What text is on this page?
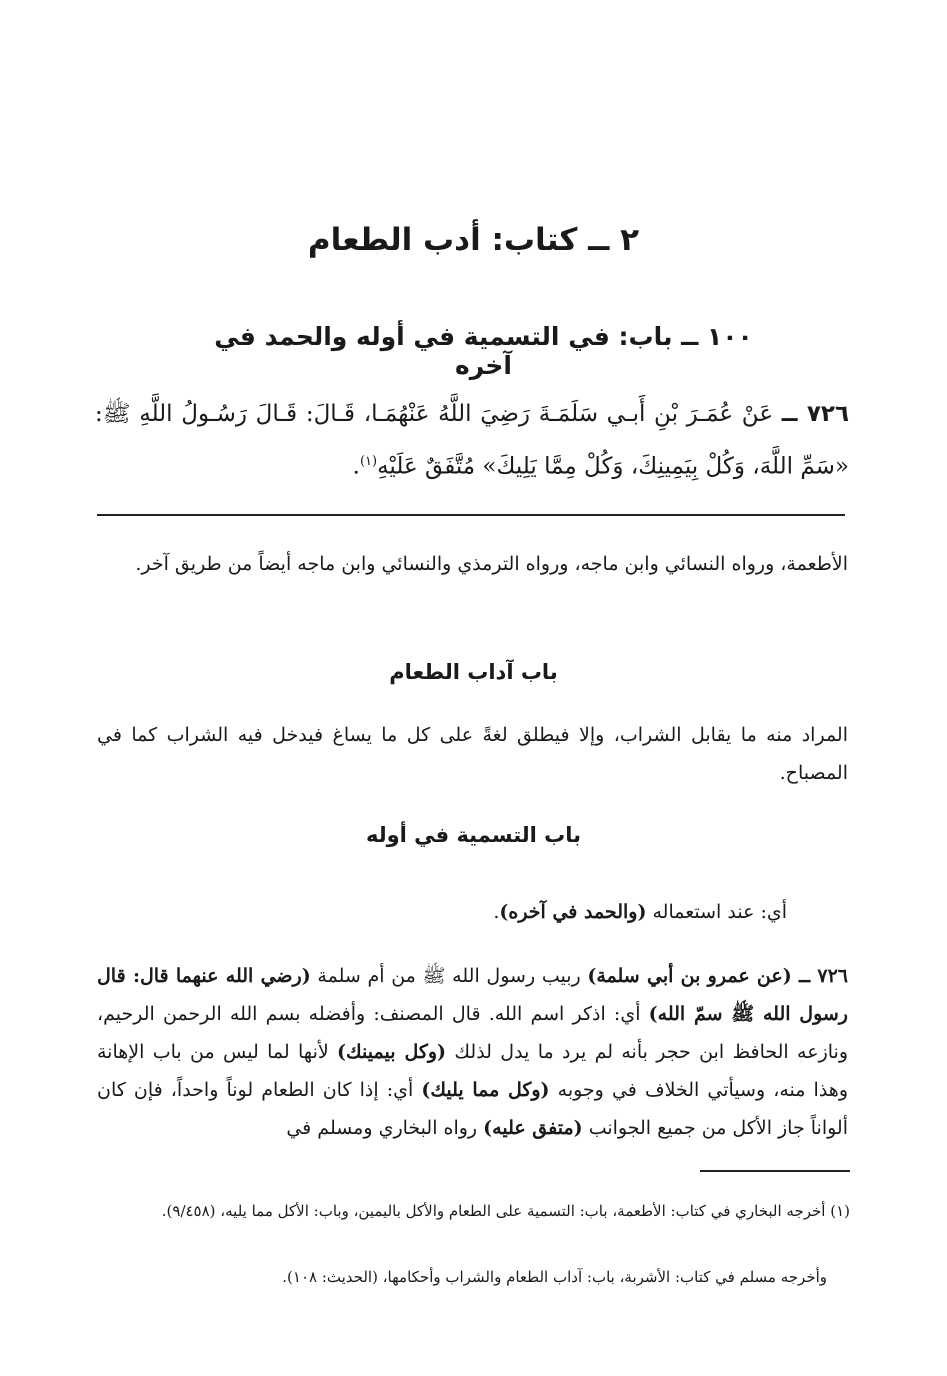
٢ ــ كتاب: أدب الطعام
١٠٠ ــ باب: في التسمية في أوله والحمد في آخره
٧٢٦ ــ عَنْ عُمَـرَ بْنِ أَبـي سَلَمَـةَ رَضِيَ اللَّهُ عَنْهُمَـا، قَـالَ: قَـالَ رَسُـولُ اللَّهِ ﷺ: «سَمِّ اللَّهَ، وَكُلْ بِيَمِينِكَ، وَكُلْ مِمَّا يَلِيكَ» مُتَّفَقٌ عَلَيْهِ$^{(١)}$.
الأطعمة، ورواه النسائي وابن ماجه، ورواه الترمذي والنسائي وابن ماجه أيضاً من طريق آخر.
باب آداب الطعام
المراد منه ما يقابل الشراب، وإلا فيطلق لغةً على كل ما يساغ فيدخل فيه الشراب كما في المصباح.
باب التسمية في أوله
أي: عند استعماله (والحمد في آخره).
٧٢٦ ــ (عن عمرو بن أبي سلمة) ربيب رسول الله ﷺ من أم سلمة (رضي الله عنهما قال: قال رسول الله ﷺ سمّ الله) أي: اذكر اسم الله. قال المصنف: وأفضله بسم الله الرحمن الرحيم، ونازعه الحافظ ابن حجر بأنه لم يرد ما يدل لذلك (وكل بيمينك) لأنها لما ليس من باب الإهانة وهذا منه، وسيأتي الخلاف في وجوبه (وكل مما يليك) أي: إذا كان الطعام لوناً واحداً، فإن كان ألواناً جاز الأكل من جميع الجوانب (متفق عليه) رواه البخاري ومسلم في
(١) أخرجه البخاري في كتاب: الأطعمة، باب: التسمية على الطعام والأكل باليمين، وباب: الأكل مما يليه، (٩/٤٥٨).
وأخرجه مسلم في كتاب: الأشربة، باب: آداب الطعام والشراب وأحكامها، (الحديث: ١٠٨).
